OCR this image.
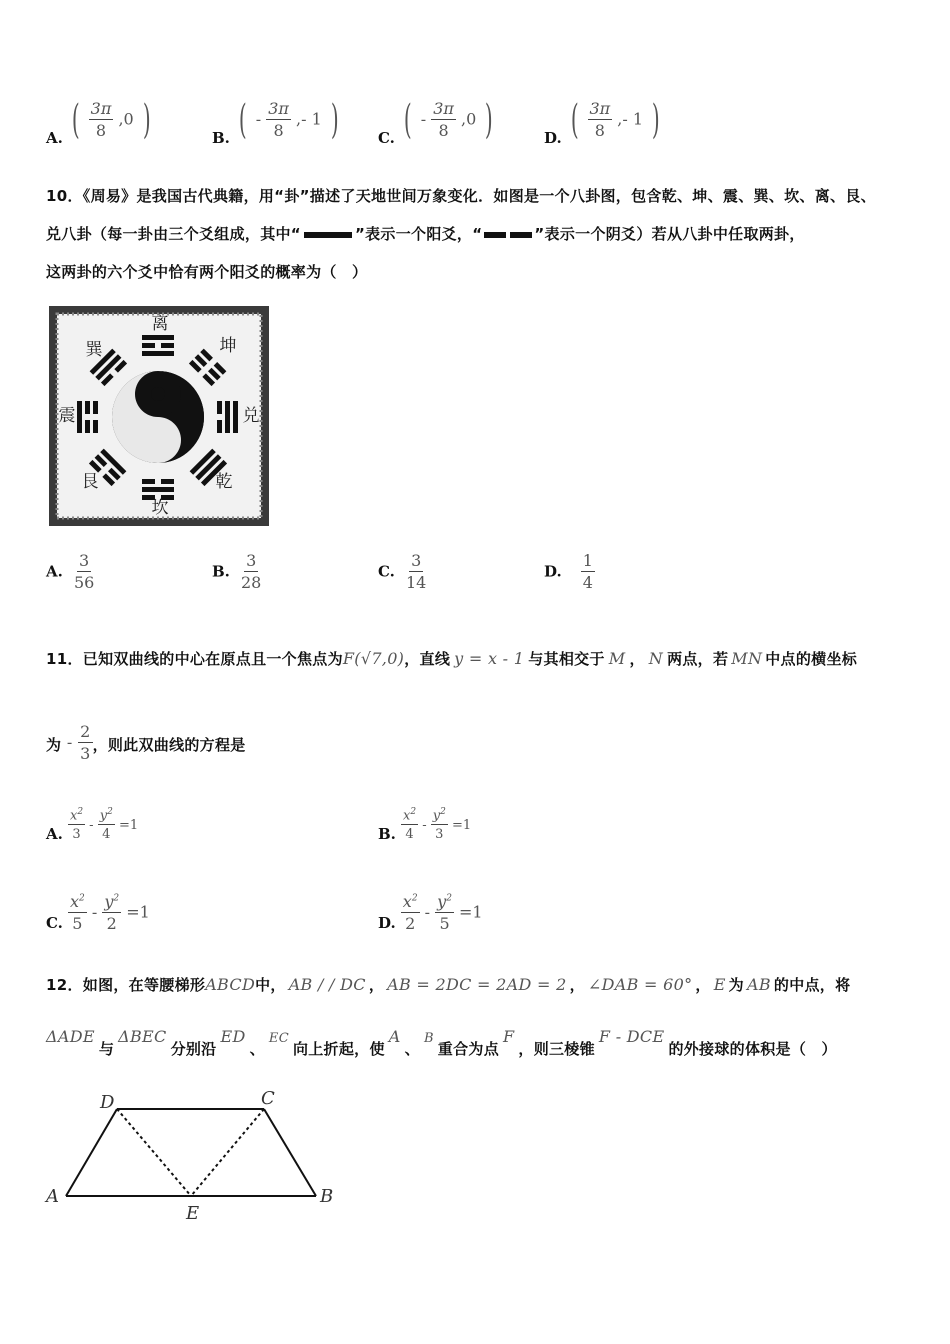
A. ( $\frac{3\pi}{8} ,0$ )	B. ( - $\frac{3\pi}{8}$ ,- 1 )	C. ( - $\frac{3\pi}{8} ,0$ )	D. ( $\frac{3\pi}{8}$ ,- 1 )
10．《周易》是我国古代典籍，用“卦”描述了天地世间万象变化．如图是一个八卦图，包含乾、坤、震、巽、坎、离、艮、
兑八卦（每一卦由三个爻组成，其中“	”表示一个阳爻，“	”表示一个阴爻）若从八卦中任取两卦，
这两卦的六个爻中恰有两个阳爻的概率为（　）
离
坤
兑
乾
坎
艮
震
巽
A. $\frac{3}{56}$	B. $\frac{3}{28}$	C. $\frac{3}{14}$	D. $\frac{1}{4}$
11．已知双曲线的中心在原点且一个焦点为F(√7,0)，直线 y = x - 1 与其相交于 M ， N 两点，若 MN 中点的横坐标
为 - $\frac{2}{3}$ ，则此双曲线的方程是
A. $\frac{x^2}{3} - \frac{y^2}{4} =1$	B. $\frac{x^2}{4} - \frac{y^2}{3} =1$
C. $\frac{x^2}{5} - \frac{y^2}{2} =1$
D. $\frac{x^2}{2} - \frac{y^2}{5} =1$
12．如图，在等腰梯形ABCD中， AB / / DC ， AB = 2DC = 2AD = 2 ， ∠DAB = 60° ， E 为 AB 的中点，将
ΔADE与ΔBEC分别沿ED、EC向上折起，使A、B重合为点F，则三棱锥F - DCE的外接球的体积是（　）
A	B
C
D
E
